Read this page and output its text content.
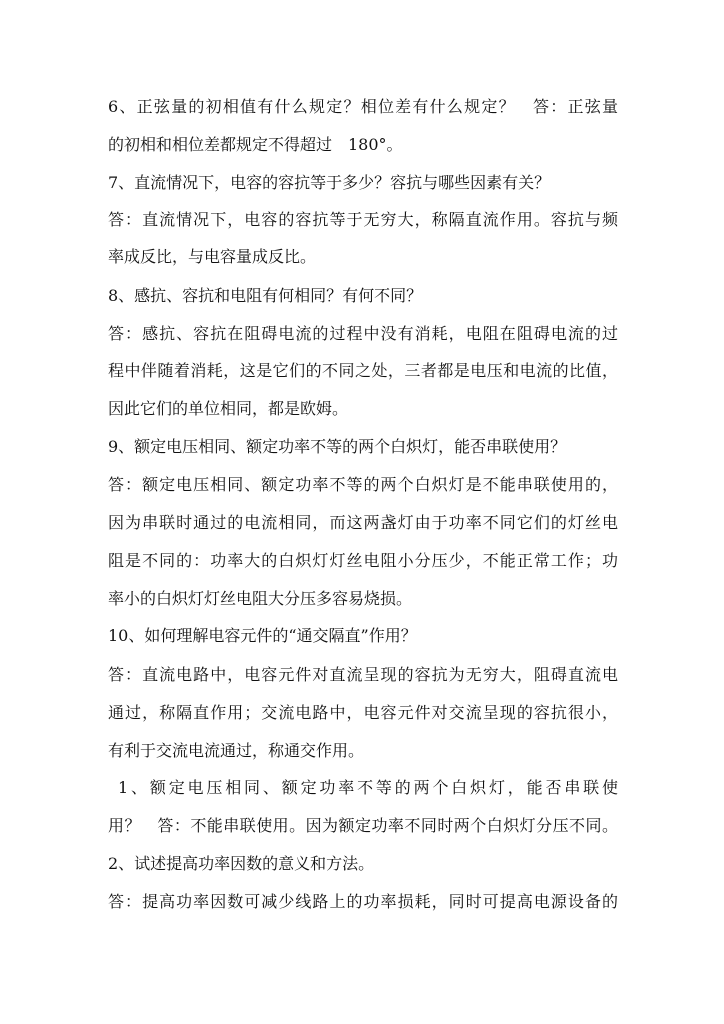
6、正弦量的初相值有什么规定？相位差有什么规定？　答：正弦量
的初相和相位差都规定不得超过　180°。
7、直流情况下，电容的容抗等于多少？容抗与哪些因素有关？
答：直流情况下，电容的容抗等于无穷大，称隔直流作用。容抗与频
率成反比，与电容量成反比。
8、感抗、容抗和电阻有何相同？有何不同？
答：感抗、容抗在阻碍电流的过程中没有消耗，电阻在阻碍电流的过
程中伴随着消耗，这是它们的不同之处，三者都是电压和电流的比值，
因此它们的单位相同，都是欧姆。
9、额定电压相同、额定功率不等的两个白炽灯，能否串联使用？
答：额定电压相同、额定功率不等的两个白炽灯是不能串联使用的，
因为串联时通过的电流相同，而这两盏灯由于功率不同它们的灯丝电
阻是不同的：功率大的白炽灯灯丝电阻小分压少，不能正常工作；功
率小的白炽灯灯丝电阻大分压多容易烧损。
10、如何理解电容元件的“通交隔直”作用？
答：直流电路中，电容元件对直流呈现的容抗为无穷大，阻碍直流电
通过，称隔直作用；交流电路中，电容元件对交流呈现的容抗很小，
有利于交流电流通过，称通交作用。
1、额定电压相同、额定功率不等的两个白炽灯，能否串联使
用？　答：不能串联使用。因为额定功率不同时两个白炽灯分压不同。
2、试述提高功率因数的意义和方法。
答：提高功率因数可减少线路上的功率损耗，同时可提高电源设备的
